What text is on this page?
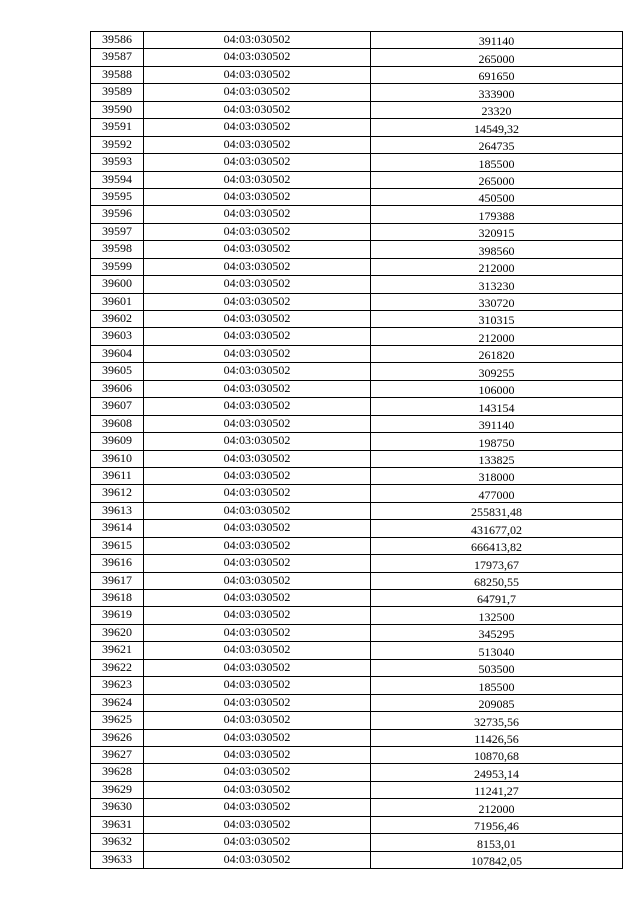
39586	04:03:030502	391140
39587	04:03:030502	265000
39588	04:03:030502	691650
39589	04:03:030502	333900
39590	04:03:030502	23320
39591	04:03:030502	14549,32
39592	04:03:030502	264735
39593	04:03:030502	185500
39594	04:03:030502	265000
39595	04:03:030502	450500
39596	04:03:030502	179388
39597	04:03:030502	320915
39598	04:03:030502	398560
39599	04:03:030502	212000
39600	04:03:030502	313230
39601	04:03:030502	330720
39602	04:03:030502	310315
39603	04:03:030502	212000
39604	04:03:030502	261820
39605	04:03:030502	309255
39606	04:03:030502	106000
39607	04:03:030502	143154
39608	04:03:030502	391140
39609	04:03:030502	198750
39610	04:03:030502	133825
39611	04:03:030502	318000
39612	04:03:030502	477000
39613	04:03:030502	255831,48
39614	04:03:030502	431677,02
39615	04:03:030502	666413,82
39616	04:03:030502	17973,67
39617	04:03:030502	68250,55
39618	04:03:030502	64791,7
39619	04:03:030502	132500
39620	04:03:030502	345295
39621	04:03:030502	513040
39622	04:03:030502	503500
39623	04:03:030502	185500
39624	04:03:030502	209085
39625	04:03:030502	32735,56
39626	04:03:030502	11426,56
39627	04:03:030502	10870,68
39628	04:03:030502	24953,14
39629	04:03:030502	11241,27
39630	04:03:030502	212000
39631	04:03:030502	71956,46
39632	04:03:030502	8153,01
39633	04:03:030502	107842,05
